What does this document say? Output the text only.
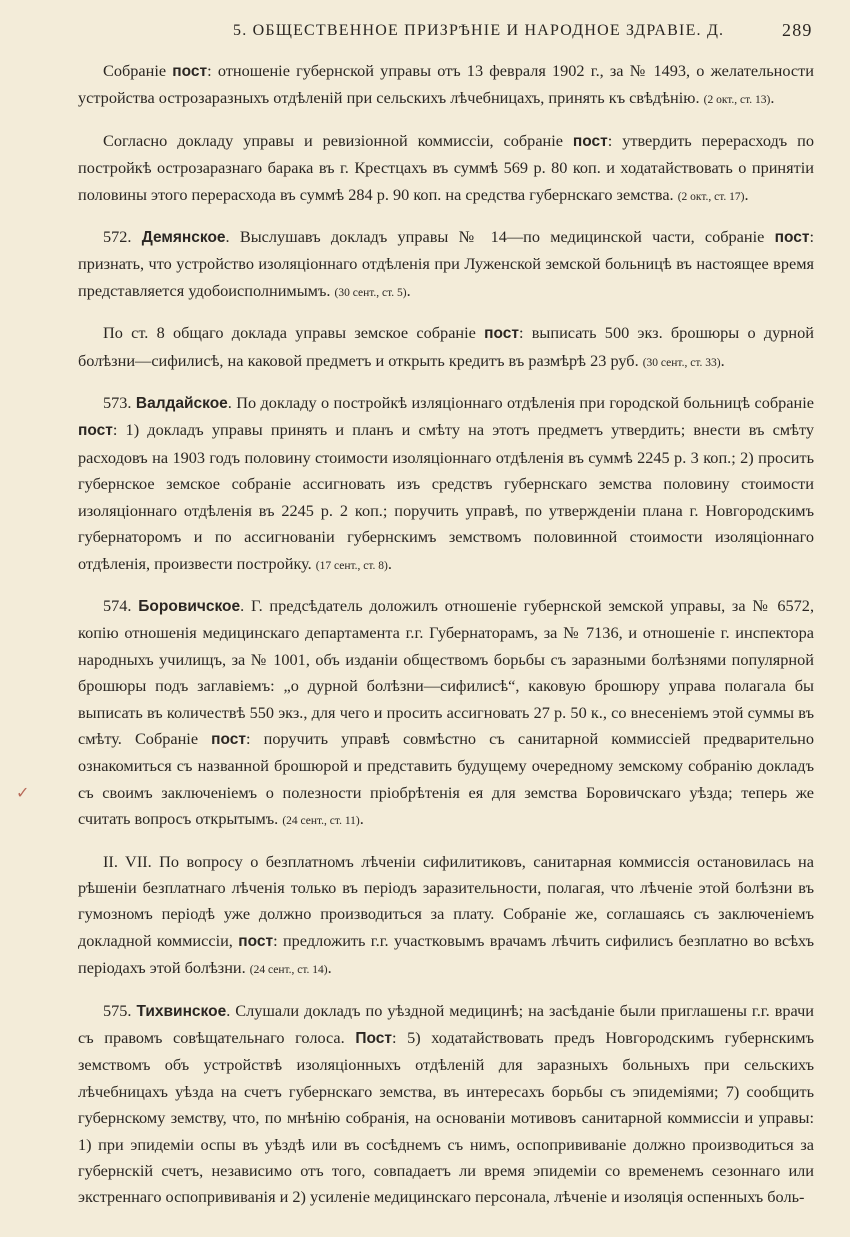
5. ОБЩЕСТВЕННОЕ ПРИЗРѢНІЕ И НАРОДНОЕ ЗДРАВІЕ. Д.	289
✓

Собраніе пост: отношеніе губернской управы отъ 13 февраля 1902 г., за № 1493, о желательности устройства острозаразныхъ отдѣленій при сельскихъ лѣчебницахъ, принять къ свѣдѣнію. (2 окт., ст. 13).

Согласно докладу управы и ревизіонной коммиссіи, собраніе пост: утвердить перерасходъ по постройкѣ острозаразнаго барака въ г. Крестцахъ въ суммѣ 569 р. 80 коп. и ходатайствовать о принятіи половины этого перерасхода въ суммѣ 284 р. 90 коп. на средства губернскаго земства. (2 окт., ст. 17).

572. Демянское. Выслушавъ докладъ управы № 14—по медицинской части, собраніе пост: признать, что устройство изоляціоннаго отдѣленія при Луженской земской больницѣ въ настоящее время представляется удобоисполнимымъ. (30 сент., ст. 5).

По ст. 8 общаго доклада управы земское собраніе пост: выписать 500 экз. брошюры о дурной болѣзни—сифилисѣ, на каковой предметъ и открыть кредитъ въ размѣрѣ 23 руб. (30 сент., ст. 33).

573. Валдайское. По докладу о постройкѣ изляціоннаго отдѣленія при городской больницѣ собраніе пост: 1) докладъ управы принять и планъ и смѣту на этотъ предметъ утвердить; внести въ смѣту расходовъ на 1903 годъ половину стоимости изоляціоннаго отдѣленія въ суммѣ 2245 р. 3 коп.; 2) просить губернское земское собраніе ассигновать изъ средствъ губернскаго земства половину стоимости изоляціоннаго отдѣленія въ 2245 р. 2 коп.; поручить управѣ, по утвержденіи плана г. Новгородскимъ губернаторомъ и по ассигнованіи губернскимъ земствомъ половинной стоимости изоляціоннаго отдѣленія, произвести постройку. (17 сент., ст. 8).

574. Боровичское. Г. предсѣдатель доложилъ отношеніе губернской земской управы, за № 6572, копію отношенія медицинскаго департамента г.г. Губернаторамъ, за № 7136, и отношеніе г. инспектора народныхъ училищъ, за № 1001, объ изданіи обществомъ борьбы съ заразными болѣзнями популярной брошюры подъ заглавіемъ: „о дурной болѣзни—сифилисѣ“, каковую брошюру управа полагала бы выписать въ количествѣ 550 экз., для чего и просить ассигновать 27 р. 50 к., со внесеніемъ этой суммы въ смѣту. Собраніе пост: поручить управѣ совмѣстно съ санитарной коммиссіей предварительно ознакомиться съ названной брошюрой и представить будущему очередному земскому собранію докладъ съ своимъ заключеніемъ о полезности пріобрѣтенія ея для земства Боровичскаго уѣзда; теперь же считать вопросъ открытымъ. (24 сент., ст. 11).

II. VII. По вопросу о безплатномъ лѣченіи сифилитиковъ, санитарная коммиссія остановилась на рѣшеніи безплатнаго лѣченія только въ періодъ заразительности, полагая, что лѣченіе этой болѣзни въ гумозномъ періодѣ уже должно производиться за плату. Собраніе же, соглашаясь съ заключеніемъ докладной коммиссіи, пост: предложить г.г. участковымъ врачамъ лѣчить сифилисъ безплатно во всѣхъ періодахъ этой болѣзни. (24 сент., ст. 14).

575. Тихвинское. Слушали докладъ по уѣздной медицинѣ; на засѣданіе были приглашены г.г. врачи съ правомъ совѣщательнаго голоса. Пост: 5) ходатайствовать предъ Новгородскимъ губернскимъ земствомъ объ устройствѣ изоляціонныхъ отдѣленій для заразныхъ больныхъ при сельскихъ лѣчебницахъ уѣзда на счетъ губернскаго земства, въ интересахъ борьбы съ эпидеміями; 7) сообщить губернскому земству, что, по мнѣнію собранія, на основаніи мотивовъ санитарной коммиссіи и управы: 1) при эпидеміи оспы въ уѣздѣ или въ сосѣднемъ съ нимъ, оспопрививаніе должно производиться за губернскій счетъ, независимо отъ того, совпадаетъ ли время эпидеміи со временемъ сезоннаго или экстреннаго оспопрививанія и 2) усиленіе медицинскаго персонала, лѣченіе и изоляція оспенныхъ боль-
